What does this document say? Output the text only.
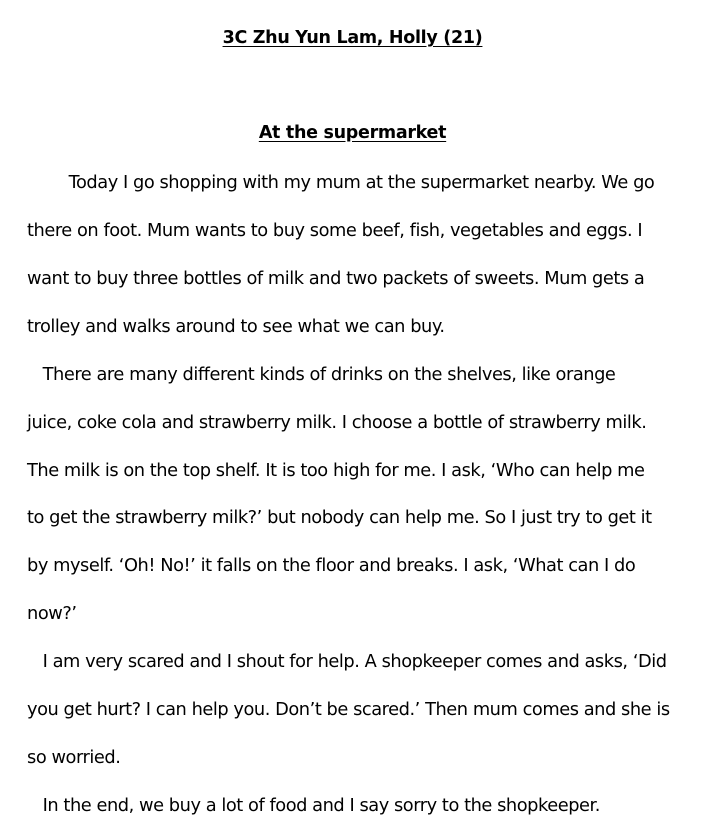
3C Zhu Yun Lam, Holly (21)
At the supermarket
Today I go shopping with my mum at the supermarket nearby. We go
there on foot. Mum wants to buy some beef, fish, vegetables and eggs. I
want to buy three bottles of milk and two packets of sweets. Mum gets a
trolley and walks around to see what we can buy.
There are many different kinds of drinks on the shelves, like orange
juice, coke cola and strawberry milk. I choose a bottle of strawberry milk.
The milk is on the top shelf. It is too high for me. I ask, ‘Who can help me
to get the strawberry milk?’ but nobody can help me. So I just try to get it
by myself. ‘Oh! No!’ it falls on the floor and breaks. I ask, ‘What can I do
now?’
I am very scared and I shout for help. A shopkeeper comes and asks, ‘Did
you get hurt? I can help you. Don’t be scared.’ Then mum comes and she is
so worried.
In the end, we buy a lot of food and I say sorry to the shopkeeper.
